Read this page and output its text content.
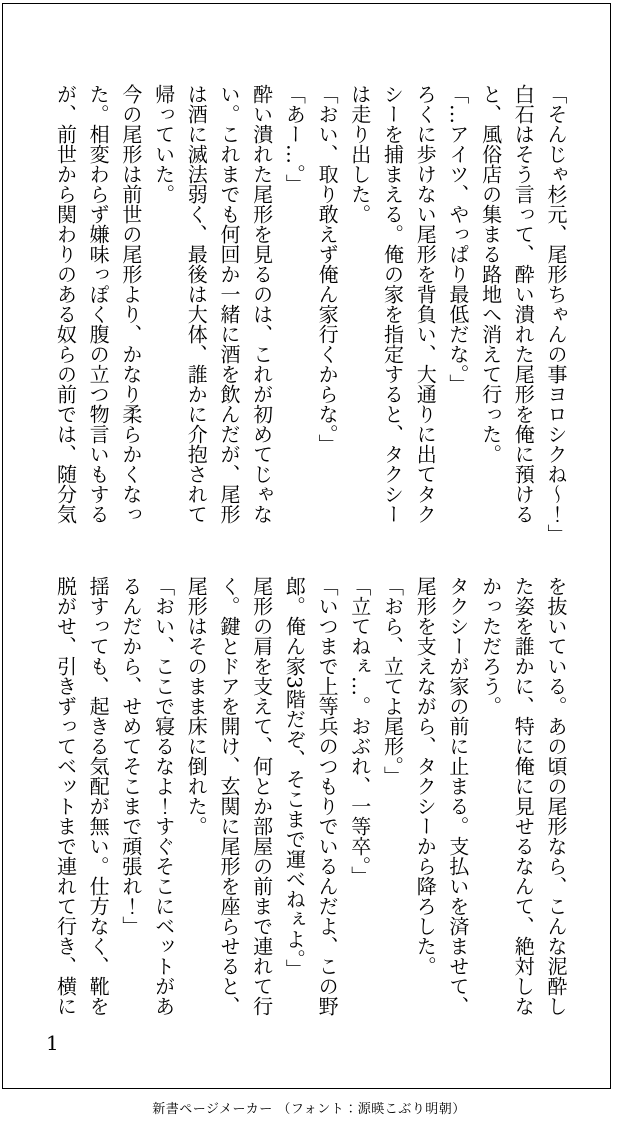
「そんじゃ杉元、尾形ちゃんの事ヨロシクね～！」
白石はそう言って、酔い潰れた尾形を俺に預ける
と、風俗店の集まる路地へ消えて行った。
「…アイツ、やっぱり最低だな。」
ろくに歩けない尾形を背負い、大通りに出てタク
シーを捕まえる。俺の家を指定すると、タクシー
は走り出した。
「おい、取り敢えず俺ん家行くからな。」
「あー…。」
酔い潰れた尾形を見るのは、これが初めてじゃな
い。これまでも何回か一緒に酒を飲んだが、尾形
は酒に滅法弱く、最後は大体、誰かに介抱されて
帰っていた。
今の尾形は前世の尾形より、かなり柔らかくなっ
た。相変わらず嫌味っぽく腹の立つ物言いもする
が、前世から関わりのある奴らの前では、随分気
を抜いている。あの頃の尾形なら、こんな泥酔し
た姿を誰かに、特に俺に見せるなんて、絶対しな
かっただろう。
タクシーが家の前に止まる。支払いを済ませて、
尾形を支えながら、タクシーから降ろした。
「おら、立てよ尾形。」
「立てねぇ…。おぶれ、一等卒。」
「いつまで上等兵のつもりでいるんだよ、この野
郎。俺ん家3階だぞ、そこまで運べねぇよ。」
尾形の肩を支えて、何とか部屋の前まで連れて行
く。鍵とドアを開け、玄関に尾形を座らせると、
尾形はそのまま床に倒れた。
「おい、ここで寝るなよ！すぐそこにベットがあ
るんだから、せめてそこまで頑張れ！」
揺すっても、起きる気配が無い。仕方なく、靴を
脱がせ、引きずってベットまで連れて行き、横に
1
新書ページメーカー （フォント：源暎こぶり明朝）
